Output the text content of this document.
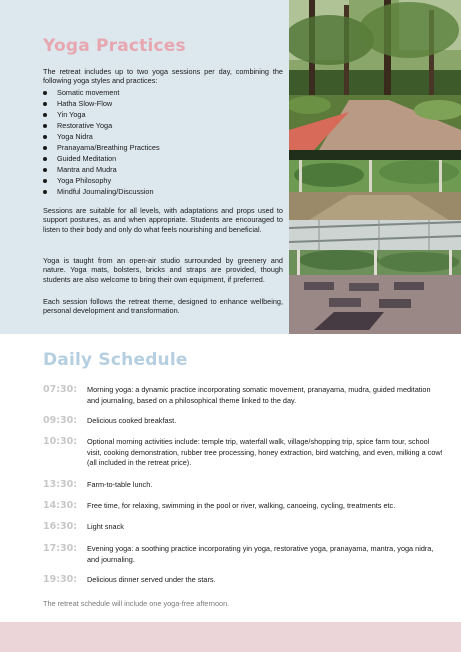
Yoga Practices
The retreat includes up to two yoga sessions per day, combining the following yoga styles and practices:
Somatic movement
Hatha Slow-Flow
Yin Yoga
Restorative Yoga
Yoga Nidra
Pranayama/Breathing Practices
Guided Meditation
Mantra and Mudra
Yoga Philosophy
Mindful Journaling/Discussion

Sessions are suitable for all levels, with adaptations and props used to support postures, as and when appropriate. Students are encouraged to listen to their body and only do what feels nourishing and beneficial.

Yoga is taught from an open-air studio surrounded by greenery and nature. Yoga mats, bolsters, bricks and straps are provided, though students are also welcome to bring their own equipment, if preferred.

Each session follows the retreat theme, designed to enhance wellbeing, personal development and transformation.

Daily Schedule
07:30: Morning yoga: a dynamic practice incorporating somatic movement, pranayama, mudra, guided meditation and journaling, based on a philosophical theme linked to the day.
09:30: Delicious cooked breakfast.
10:30: Optional morning activities include: temple trip, waterfall walk, village/shopping trip, spice farm tour, school visit, cooking demonstration, rubber tree processing, honey extraction, bird watching, and even, milking a cow! (all included in the retreat price).
13:30: Farm-to-table lunch.
14:30: Free time, for relaxing, swimming in the pool or river, walking, canoeing, cycling, treatments etc.
16:30: Light snack
17:30: Evening yoga: a soothing practice incorporating yin yoga, restorative yoga, pranayama, mantra, yoga nidra, and journaling.
19:30: Delicious dinner served under the stars.
The retreat schedule will include one yoga-free afternoon.
